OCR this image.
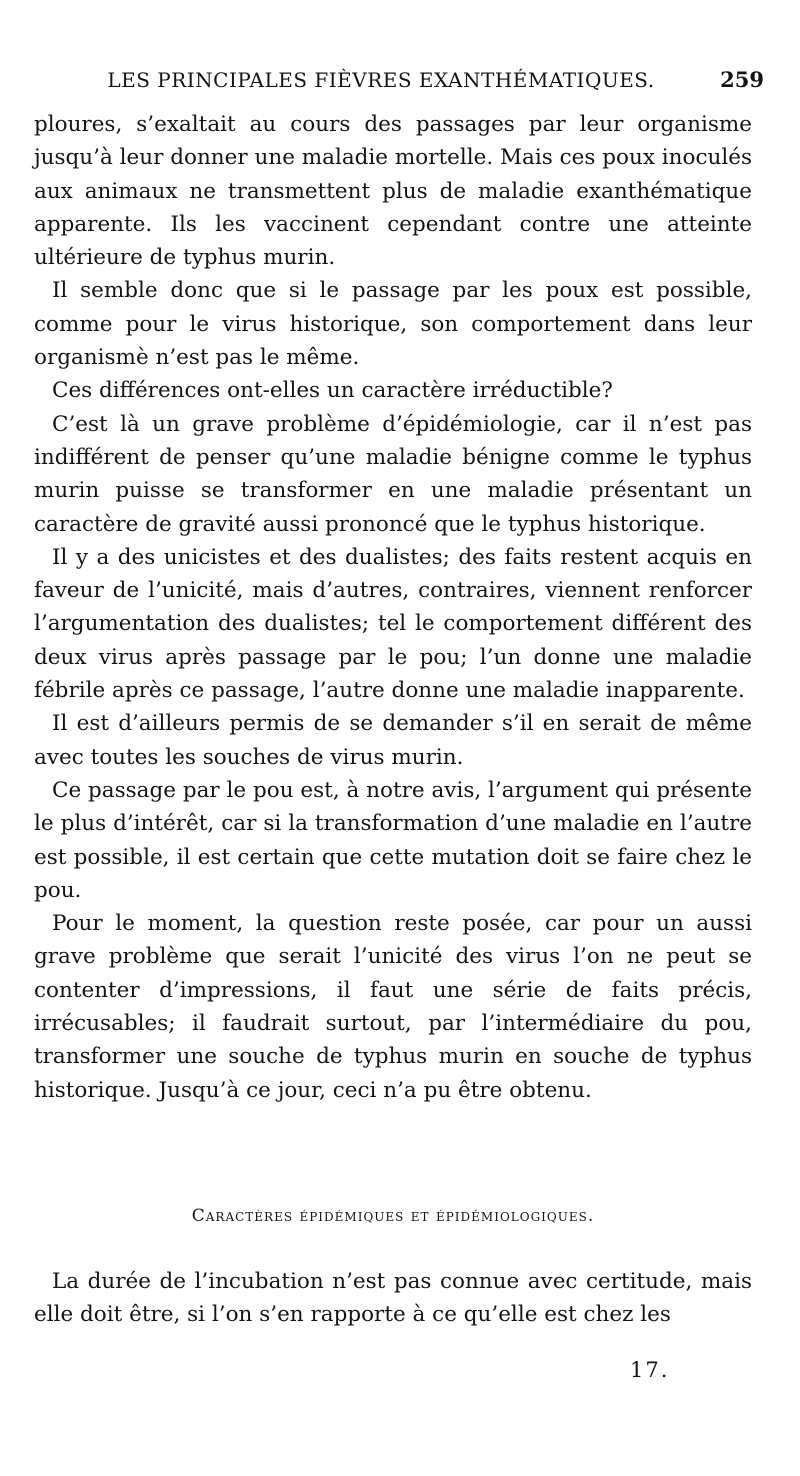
LES PRINCIPALES FIÈVRES EXANTHÉMATIQUES.	259

ploures, s’exaltait au cours des passages par leur organisme jusqu’à leur donner une maladie mortelle. Mais ces poux inoculés aux animaux ne transmettent plus de maladie exanthématique apparente. Ils les vaccinent cependant contre une atteinte ultérieure de typhus murin.

Il semble donc que si le passage par les poux est possible, comme pour le virus historique, son comportement dans leur organismè n’est pas le même.

Ces différences ont-elles un caractère irréductible?

C’est là un grave problème d’épidémiologie, car il n’est pas indifférent de penser qu’une maladie bénigne comme le typhus murin puisse se transformer en une maladie présentant un caractère de gravité aussi prononcé que le typhus historique.

Il y a des unicistes et des dualistes; des faits restent acquis en faveur de l’unicité, mais d’autres, contraires, viennent renforcer l’argumentation des dualistes; tel le comportement différent des deux virus après passage par le pou; l’un donne une maladie fébrile après ce passage, l’autre donne une maladie inapparente.

Il est d’ailleurs permis de se demander s’il en serait de même avec toutes les souches de virus murin.

Ce passage par le pou est, à notre avis, l’argument qui présente le plus d’intérêt, car si la transformation d’une maladie en l’autre est possible, il est certain que cette mutation doit se faire chez le pou.

Pour le moment, la question reste posée, car pour un aussi grave problème que serait l’unicité des virus l’on ne peut se contenter d’impressions, il faut une série de faits précis, irrécusables; il faudrait surtout, par l’intermédiaire du pou, transformer une souche de typhus murin en souche de typhus historique. Jusqu’à ce jour, ceci n’a pu être obtenu.

Caractères épidémiques et épidémiologiques.

La durée de l’incubation n’est pas connue avec certitude, mais elle doit être, si l’on s’en rapporte à ce qu’elle est chez les

17.
